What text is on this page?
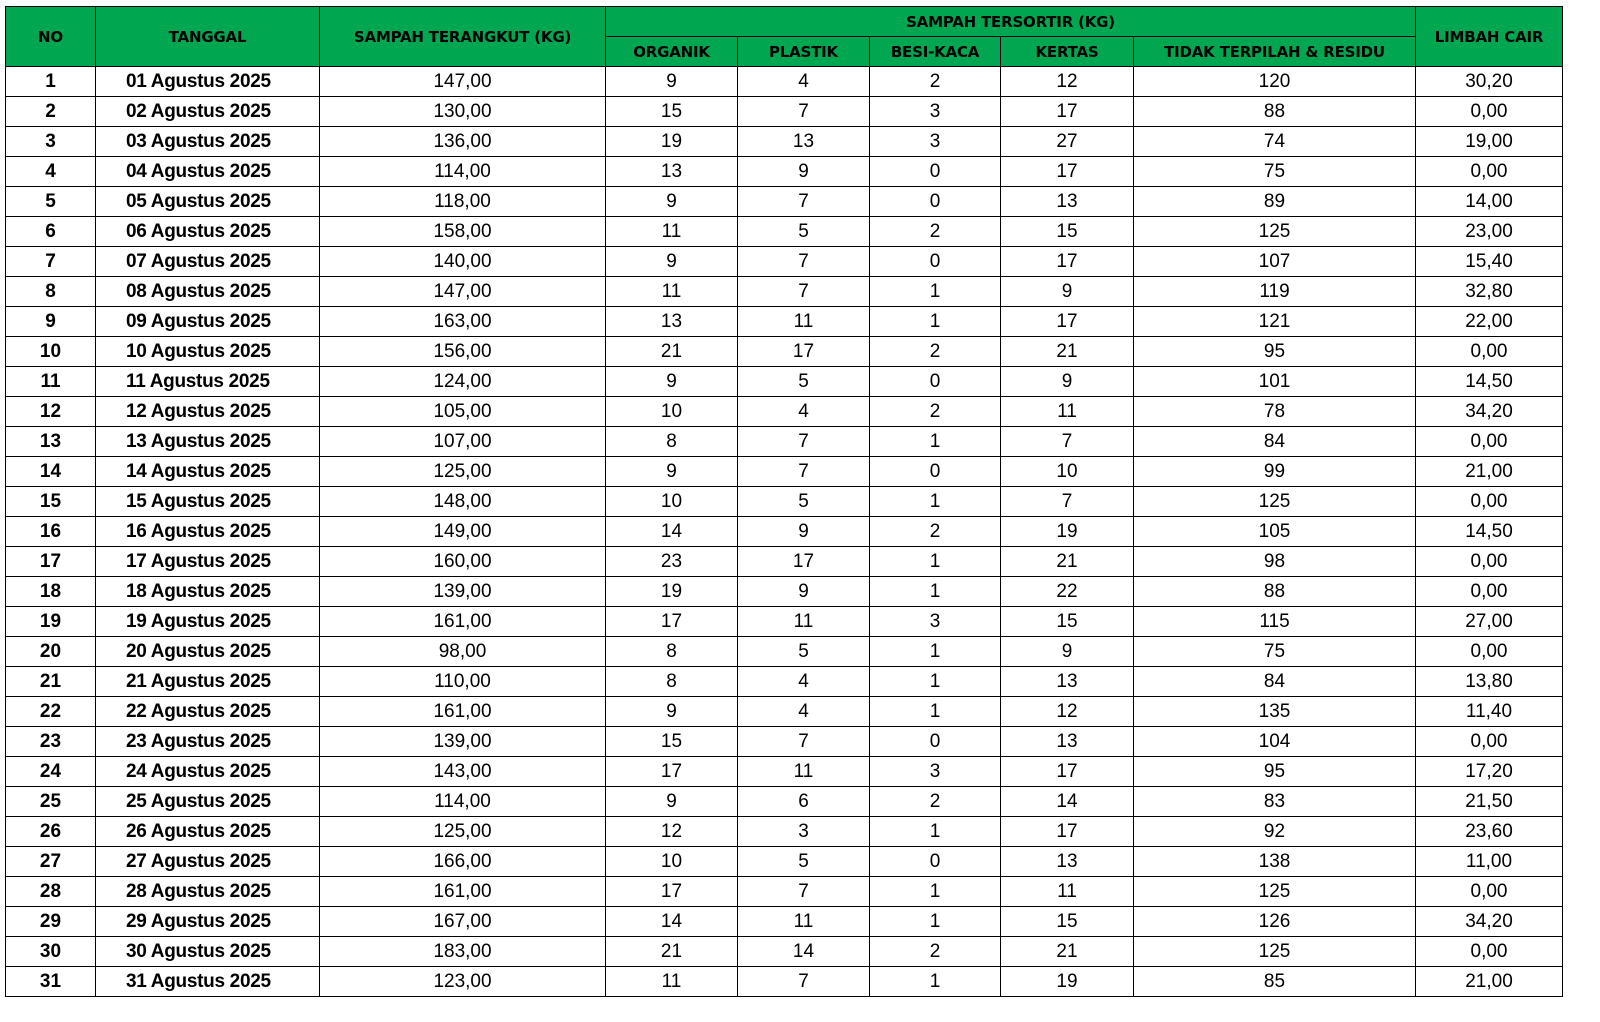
NO	TANGGAL	SAMPAH TERANGKUT (KG)	SAMPAH TERSORTIR (KG)					LIMBAH CAIR
			ORGANIK	PLASTIK	BESI-KACA	KERTAS	TIDAK TERPILAH & RESIDU	
1	01 Agustus 2025	147,00	9	4	2	12	120	30,20
2	02 Agustus 2025	130,00	15	7	3	17	88	0,00
3	03 Agustus 2025	136,00	19	13	3	27	74	19,00
4	04 Agustus 2025	114,00	13	9	0	17	75	0,00
5	05 Agustus 2025	118,00	9	7	0	13	89	14,00
6	06 Agustus 2025	158,00	11	5	2	15	125	23,00
7	07 Agustus 2025	140,00	9	7	0	17	107	15,40
8	08 Agustus 2025	147,00	11	7	1	9	119	32,80
9	09 Agustus 2025	163,00	13	11	1	17	121	22,00
10	10 Agustus 2025	156,00	21	17	2	21	95	0,00
11	11 Agustus 2025	124,00	9	5	0	9	101	14,50
12	12 Agustus 2025	105,00	10	4	2	11	78	34,20
13	13 Agustus 2025	107,00	8	7	1	7	84	0,00
14	14 Agustus 2025	125,00	9	7	0	10	99	21,00
15	15 Agustus 2025	148,00	10	5	1	7	125	0,00
16	16 Agustus 2025	149,00	14	9	2	19	105	14,50
17	17 Agustus 2025	160,00	23	17	1	21	98	0,00
18	18 Agustus 2025	139,00	19	9	1	22	88	0,00
19	19 Agustus 2025	161,00	17	11	3	15	115	27,00
20	20 Agustus 2025	98,00	8	5	1	9	75	0,00
21	21 Agustus 2025	110,00	8	4	1	13	84	13,80
22	22 Agustus 2025	161,00	9	4	1	12	135	11,40
23	23 Agustus 2025	139,00	15	7	0	13	104	0,00
24	24 Agustus 2025	143,00	17	11	3	17	95	17,20
25	25 Agustus 2025	114,00	9	6	2	14	83	21,50
26	26 Agustus 2025	125,00	12	3	1	17	92	23,60
27	27 Agustus 2025	166,00	10	5	0	13	138	11,00
28	28 Agustus 2025	161,00	17	7	1	11	125	0,00
29	29 Agustus 2025	167,00	14	11	1	15	126	34,20
30	30 Agustus 2025	183,00	21	14	2	21	125	0,00
31	31 Agustus 2025	123,00	11	7	1	19	85	21,00
